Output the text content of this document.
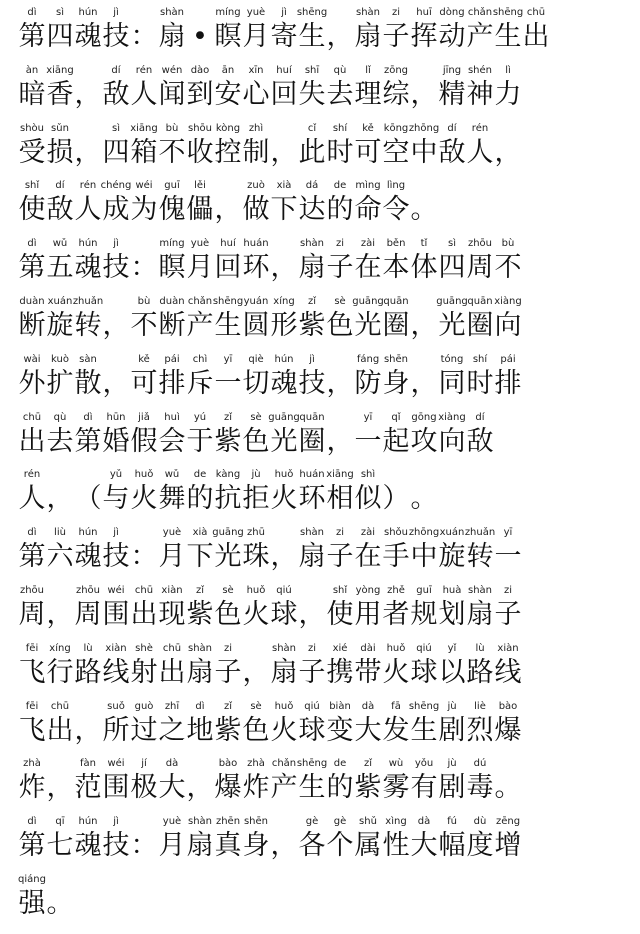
dì
第
sì
四
hún
魂
jì
技 ：
shàn
扇 •
míng
瞑
yuè
月
jì
寄
shēng
生 ，
shàn
扇
zi
子
huī
挥
dòng
动
chǎn
产
shēng
生
chū
出
àn
暗
xiāng
香 ，
dí
敌
rén
人
wén
闻
dào
到
ān
安
xīn
心
huí
回
shī
失
qù
去
lǐ
理
zōng
综 ，
jīng
精
shén
神
lì
力
shòu
受
sǔn
损 ，
sì
四
xiāng
箱
bù
不
shōu
收
kòng
控
zhì
制 ，
cǐ
此
shí
时
kě
可
kōng
空
zhōng
中
dí
敌
rén
人 ，
shǐ
使
dí
敌
rén
人
chéng
成
wéi
为
guī
傀
lěi
儡 ，
zuò
做
xià
下
dá
达
de
的
mìng
命
lìng
令 。
dì
第
wǔ
五
hún
魂
jì
技 ：
míng
瞑
yuè
月
huí
回
huán
环 ，
shàn
扇
zi
子
zài
在
běn
本
tǐ
体
sì
四
zhōu
周
bù
不
duàn
断
xuán
旋
zhuǎn
转 ，
bù
不
duàn
断
chǎn
产
shēng
生
yuán
圆
xíng
形
zǐ
紫
sè
色
guāng
光
quān
圈 ，
guāng
光
quān
圈
xiàng
向
wài
外
kuò
扩
sàn
散 ，
kě
可
pái
排
chì
斥
yī
一
qiè
切
hún
魂
jì
技 ，
fáng
防
shēn
身 ，
tóng
同
shí
时
pái
排
chū
出
qù
去
dì
第
hūn
婚
jiǎ
假
huì
会
yú
于
zǐ
紫
sè
色
guāng
光
quān
圈 ，
yī
一
qǐ
起
gōng
攻
xiàng
向
dí
敌
rén
人 ， （
yǔ
与
huǒ
火
wǔ
舞
de
的
kàng
抗
jù
拒
huǒ
火
huán
环
xiāng
相
shì
似 ） 。
dì
第
liù
六
hún
魂
jì
技 ：
yuè
月
xià
下
guāng
光
zhū
珠 ，
shàn
扇
zi
子
zài
在
shǒu
手
zhōng
中
xuán
旋
zhuǎn
转
yī
一
zhōu
周 ，
zhōu
周
wéi
围
chū
出
xiàn
现
zǐ
紫
sè
色
huǒ
火
qiú
球 ，
shǐ
使
yòng
用
zhě
者
guī
规
huà
划
shàn
扇
zi
子
fēi
飞
xíng
行
lù
路
xiàn
线
shè
射
chū
出
shàn
扇
zi
子 ，
shàn
扇
zi
子
xié
携
dài
带
huǒ
火
qiú
球
yǐ
以
lù
路
xiàn
线
fēi
飞
chū
出 ，
suǒ
所
guò
过
zhī
之
dì
地
zǐ
紫
sè
色
huǒ
火
qiú
球
biàn
变
dà
大
fā
发
shēng
生
jù
剧
liè
烈
bào
爆
zhà
炸 ，
fàn
范
wéi
围
jí
极
dà
大 ，
bào
爆
zhà
炸
chǎn
产
shēng
生
de
的
zǐ
紫
wù
雾
yǒu
有
jù
剧
dú
毒 。
dì
第
qī
七
hún
魂
jì
技 ：
yuè
月
shàn
扇
zhēn
真
shēn
身 ，
gè
各
gè
个
shǔ
属
xìng
性
dà
大
fú
幅
dù
度
zēng
增
qiáng
强 。
